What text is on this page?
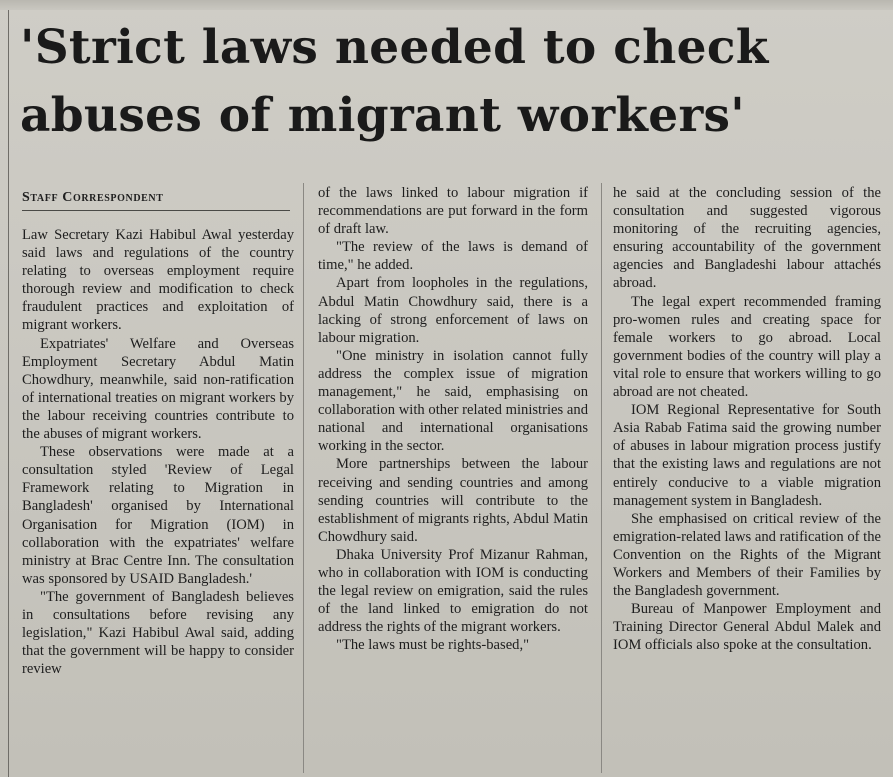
'Strict laws needed to check abuses of migrant workers'
Staff Correspondent

Law Secretary Kazi Habibul Awal yesterday said laws and regulations of the country relating to overseas employment require thorough review and modification to check fraudulent practices and exploitation of migrant workers.

Expatriates' Welfare and Overseas Employment Secretary Abdul Matin Chowdhury, meanwhile, said non-ratification of international treaties on migrant workers by the labour receiving countries contribute to the abuses of migrant workers.

These observations were made at a consultation styled 'Review of Legal Framework relating to Migration in Bangladesh' organised by International Organisation for Migration (IOM) in collaboration with the expatriates' welfare ministry at Brac Centre Inn. The consultation was sponsored by USAID Bangladesh.'

"The government of Bangladesh believes in consultations before revising any legislation," Kazi Habibul Awal said, adding that the government will be happy to consider review

of the laws linked to labour migration if recommendations are put forward in the form of draft law.

"The review of the laws is demand of time," he added.

Apart from loopholes in the regulations, Abdul Matin Chowdhury said, there is a lacking of strong enforcement of laws on labour migration.

"One ministry in isolation cannot fully address the complex issue of migration management," he said, emphasising on collaboration with other related ministries and national and international organisations working in the sector.

More partnerships between the labour receiving and sending countries and among sending countries will contribute to the establishment of migrants rights, Abdul Matin Chowdhury said.

Dhaka University Prof Mizanur Rahman, who in collaboration with IOM is conducting the legal review on emigration, said the rules of the land linked to emigration do not address the rights of the migrant workers.

"The laws must be rights-based,"

he said at the concluding session of the consultation and suggested vigorous monitoring of the recruiting agencies, ensuring accountability of the government agencies and Bangladeshi labour attachés abroad.

The legal expert recommended framing pro-women rules and creating space for female workers to go abroad. Local government bodies of the country will play a vital role to ensure that workers willing to go abroad are not cheated.

IOM Regional Representative for South Asia Rabab Fatima said the growing number of abuses in labour migration process justify that the existing laws and regulations are not entirely conducive to a viable migration management system in Bangladesh.

She emphasised on critical review of the emigration-related laws and ratification of the Convention on the Rights of the Migrant Workers and Members of their Families by the Bangladesh government.

Bureau of Manpower Employment and Training Director General Abdul Malek and IOM officials also spoke at the consultation.
